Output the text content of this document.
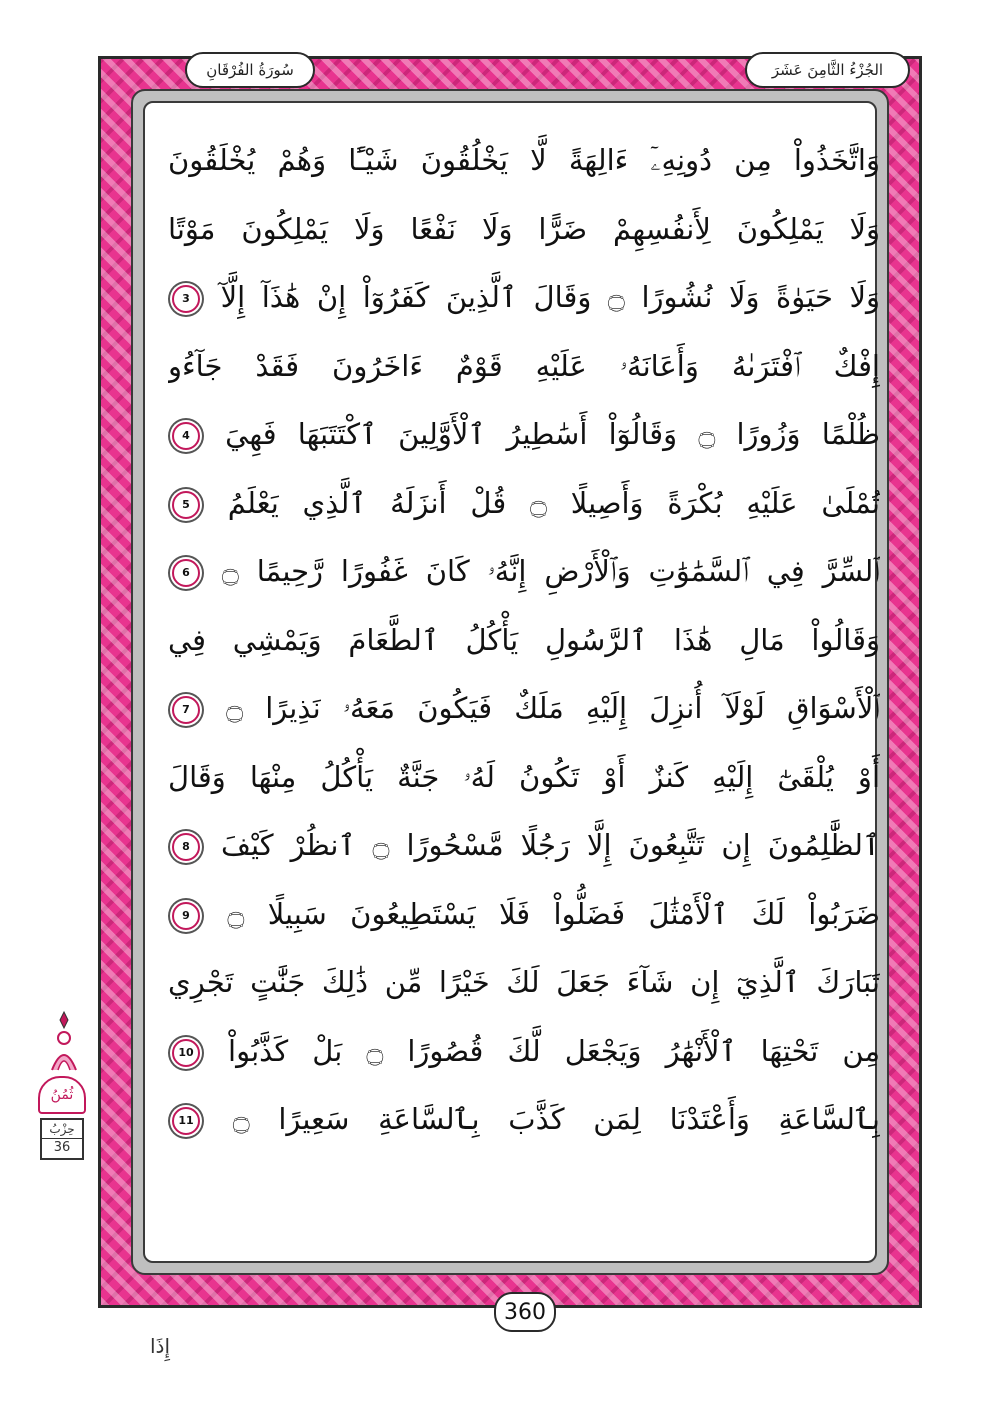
سُورَةُ الفُرْقَانِ	الجُزْءُ الثَّامِنَ عَشَرَ
وَاتَّخَذُواْ مِن دُونِهِۦٓ ءَالِهَةً لَّا يَخْلُقُونَ شَيْـًٔا وَهُمْ يُخْلَقُونَ
وَلَا يَمْلِكُونَ لِأَنفُسِهِمْ ضَرًّا وَلَا نَفْعًا وَلَا يَمْلِكُونَ مَوْتًا
وَلَا حَيَوٰةً وَلَا نُشُورًا ۝ وَقَالَ ٱلَّذِينَ كَفَرُوٓاْ إِنْ هَٰذَآ إِلَّآ 3
إِفْكٌ ٱفْتَرَىٰهُ وَأَعَانَهُۥ عَلَيْهِ قَوْمٌ ءَاخَرُونَ فَقَدْ جَآءُو
ظُلْمًا وَزُورًا ۝ وَقَالُوٓاْ أَسَٰطِيرُ ٱلْأَوَّلِينَ ٱكْتَتَبَهَا فَهِيَ 4
تُمْلَىٰ عَلَيْهِ بُكْرَةً وَأَصِيلًا ۝ قُلْ أَنزَلَهُ ٱلَّذِي يَعْلَمُ 5
ٱلسِّرَّ فِي ٱلسَّمَٰوَٰتِ وَٱلْأَرْضِ إِنَّهُۥ كَانَ غَفُورًا رَّحِيمًا ۝ 6
وَقَالُواْ مَالِ هَٰذَا ٱلرَّسُولِ يَأْكُلُ ٱلطَّعَامَ وَيَمْشِي فِي
ٱلْأَسْوَاقِ لَوْلَآ أُنزِلَ إِلَيْهِ مَلَكٌ فَيَكُونَ مَعَهُۥ نَذِيرًا ۝ 7
أَوْ يُلْقَىٰٓ إِلَيْهِ كَنزٌ أَوْ تَكُونُ لَهُۥ جَنَّةٌ يَأْكُلُ مِنْهَا وَقَالَ
ٱلظَّٰلِمُونَ إِن تَتَّبِعُونَ إِلَّا رَجُلًا مَّسْحُورًا ۝ ٱنظُرْ كَيْفَ 8
ضَرَبُواْ لَكَ ٱلْأَمْثَٰلَ فَضَلُّواْ فَلَا يَسْتَطِيعُونَ سَبِيلًا ۝ 9
تَبَارَكَ ٱلَّذِيٓ إِن شَآءَ جَعَلَ لَكَ خَيْرًا مِّن ذَٰلِكَ جَنَّٰتٍ تَجْرِي
مِن تَحْتِهَا ٱلْأَنْهَٰرُ وَيَجْعَل لَّكَ قُصُورًا ۝ بَلْ كَذَّبُواْ 10
بِٱلسَّاعَةِ وَأَعْتَدْنَا لِمَن كَذَّبَ بِٱلسَّاعَةِ سَعِيرًا ۝ 11
360
ثُمُنُ
حِزْبُ
36
إِذَا
